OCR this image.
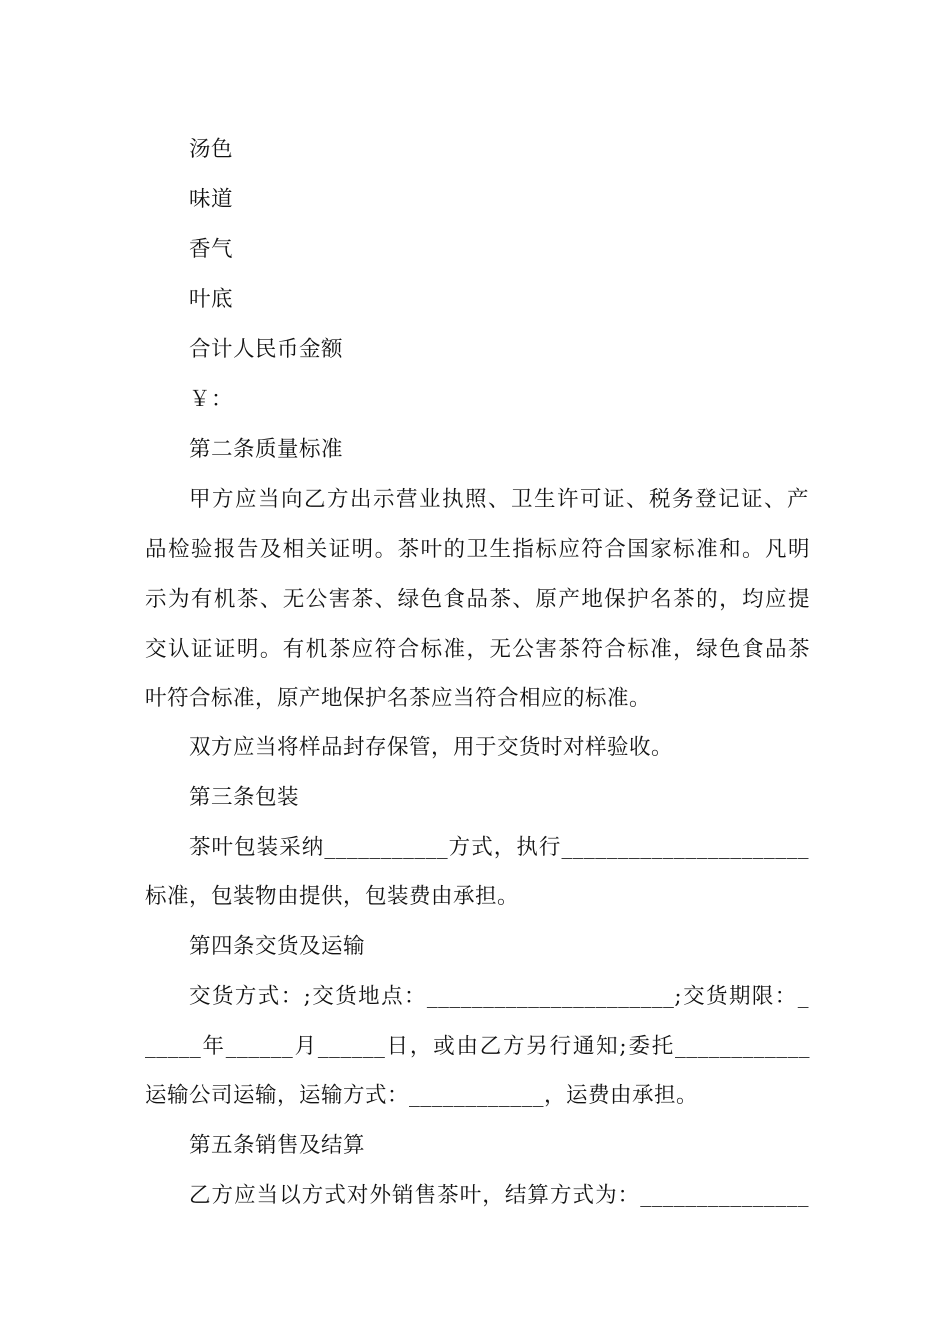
汤色
味道
香气
叶底
合计人民币金额
￥：
第二条质量标准
甲方应当向乙方出示营业执照、卫生许可证、税务登记证、产
品检验报告及相关证明。茶叶的卫生指标应符合国家标准和。凡明
示为有机茶、无公害茶、绿色食品茶、原产地保护名茶的，均应提
交认证证明。有机茶应符合标准，无公害茶符合标准，绿色食品茶
叶符合标准，原产地保护名茶应当符合相应的标准。
双方应当将样品封存保管，用于交货时对样验收。
第三条包装
茶叶包装采纳___________方式，执行______________________
标准，包装物由提供，包装费由承担。
第四条交货及运输
交货方式：;交货地点：______________________;交货期限：_
_____年______月______日，或由乙方另行通知;委托____________
运输公司运输，运输方式：____________，运费由承担。
第五条销售及结算
乙方应当以方式对外销售茶叶，结算方式为：_______________
